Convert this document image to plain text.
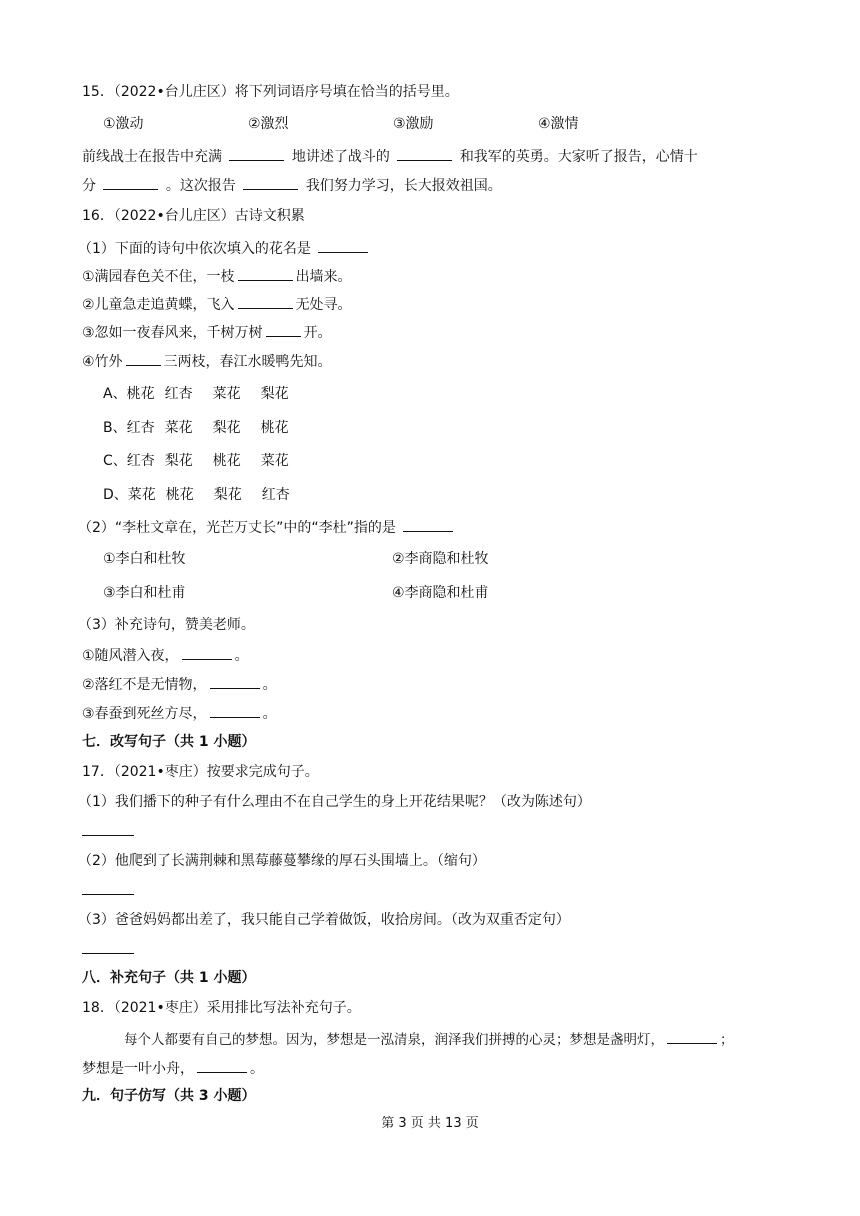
15．（2022•台儿庄区）将下列词语序号填在恰当的括号里。
①激动	②激烈	③激励	④激情
前线战士在报告中充满	地讲述了战斗的	和我军的英勇。大家听了报告，心情十
分	。这次报告	我们努力学习，长大报效祖国。
16．（2022•台儿庄区）古诗文积累
（1）下面的诗句中依次填入的花名是
①满园春色关不住，一枝	出墙来。
②儿童急走追黄蝶，飞入	无处寻。
③忽如一夜春风来，千树万树	开。
④竹外	三两枝，春江水暖鸭先知。
A、桃花 红杏 菜花 梨花
B、红杏 菜花 梨花 桃花
C、红杏 梨花 桃花 菜花
D、菜花 桃花 梨花 红杏
（2）“李杜文章在，光芒万丈长”中的“李杜”指的是
①李白和杜牧	②李商隐和杜牧
③李白和杜甫	④李商隐和杜甫
（3）补充诗句，赞美老师。
①随风潜入夜，	。
②落红不是无情物，	。
③春蚕到死丝方尽，	。
七．改写句子（共 1 小题）
17．（2021•枣庄）按要求完成句子。
（1）我们播下的种子有什么理由不在自己学生的身上开花结果呢？（改为陈述句）
（2）他爬到了长满荆棘和黑莓藤蔓攀缘的厚石头围墙上。（缩句）
（3）爸爸妈妈都出差了，我只能自己学着做饭，收拾房间。（改为双重否定句）
八．补充句子（共 1 小题）
18．（2021•枣庄）采用排比写法补充句子。
每个人都要有自己的梦想。因为，梦想是一泓清泉，润泽我们拼搏的心灵；梦想是盏明灯，	；
梦想是一叶小舟，	。
九．句子仿写（共 3 小题）
第 3 页 共 13 页
